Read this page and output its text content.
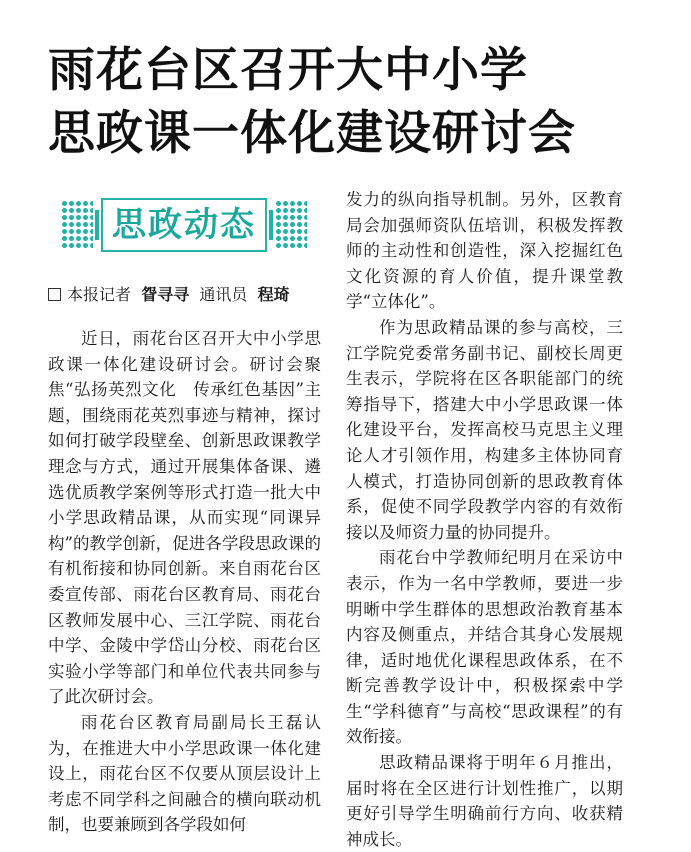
雨花台区召开大中小学
思政课一体化建设研讨会
思政动态
本报记者 眢寻寻 通讯员 程琦

近日，雨花台区召开大中小学思政课一体化建设研讨会。研讨会聚焦“弘扬英烈文化　传承红色基因”主题，围绕雨花英烈事迹与精神，探讨如何打破学段壁垒、创新思政课教学理念与方式，通过开展集体备课、遴选优质教学案例等形式打造一批大中小学思政精品课，从而实现“同课异构”的教学创新，促进各学段思政课的有机衔接和协同创新。来自雨花台区委宣传部、雨花台区教育局、雨花台区教师发展中心、三江学院、雨花台中学、金陵中学岱山分校、雨花台区实验小学等部门和单位代表共同参与了此次研讨会。

雨花台区教育局副局长王磊认为，在推进大中小学思政课一体化建设上，雨花台区不仅要从顶层设计上考虑不同学科之间融合的横向联动机制，也要兼顾到各学段如何

发力的纵向指导机制。另外，区教育局会加强师资队伍培训，积极发挥教师的主动性和创造性，深入挖掘红色文化资源的育人价值，提升课堂教学“立体化”。

作为思政精品课的参与高校，三江学院党委常务副书记、副校长周更生表示，学院将在区各职能部门的统筹指导下，搭建大中小学思政课一体化建设平台，发挥高校马克思主义理论人才引领作用，构建多主体协同育人模式，打造协同创新的思政教育体系，促使不同学段教学内容的有效衔接以及师资力量的协同提升。

雨花台中学教师纪明月在采访中表示，作为一名中学教师，要进一步明晰中学生群体的思想政治教育基本内容及侧重点，并结合其身心发展规律，适时地优化课程思政体系，在不断完善教学设计中，积极探索中学生“学科德育”与高校“思政课程”的有效衔接。

思政精品课将于明年６月推出，届时将在全区进行计划性推广，以期更好引导学生明确前行方向、收获精神成长。
